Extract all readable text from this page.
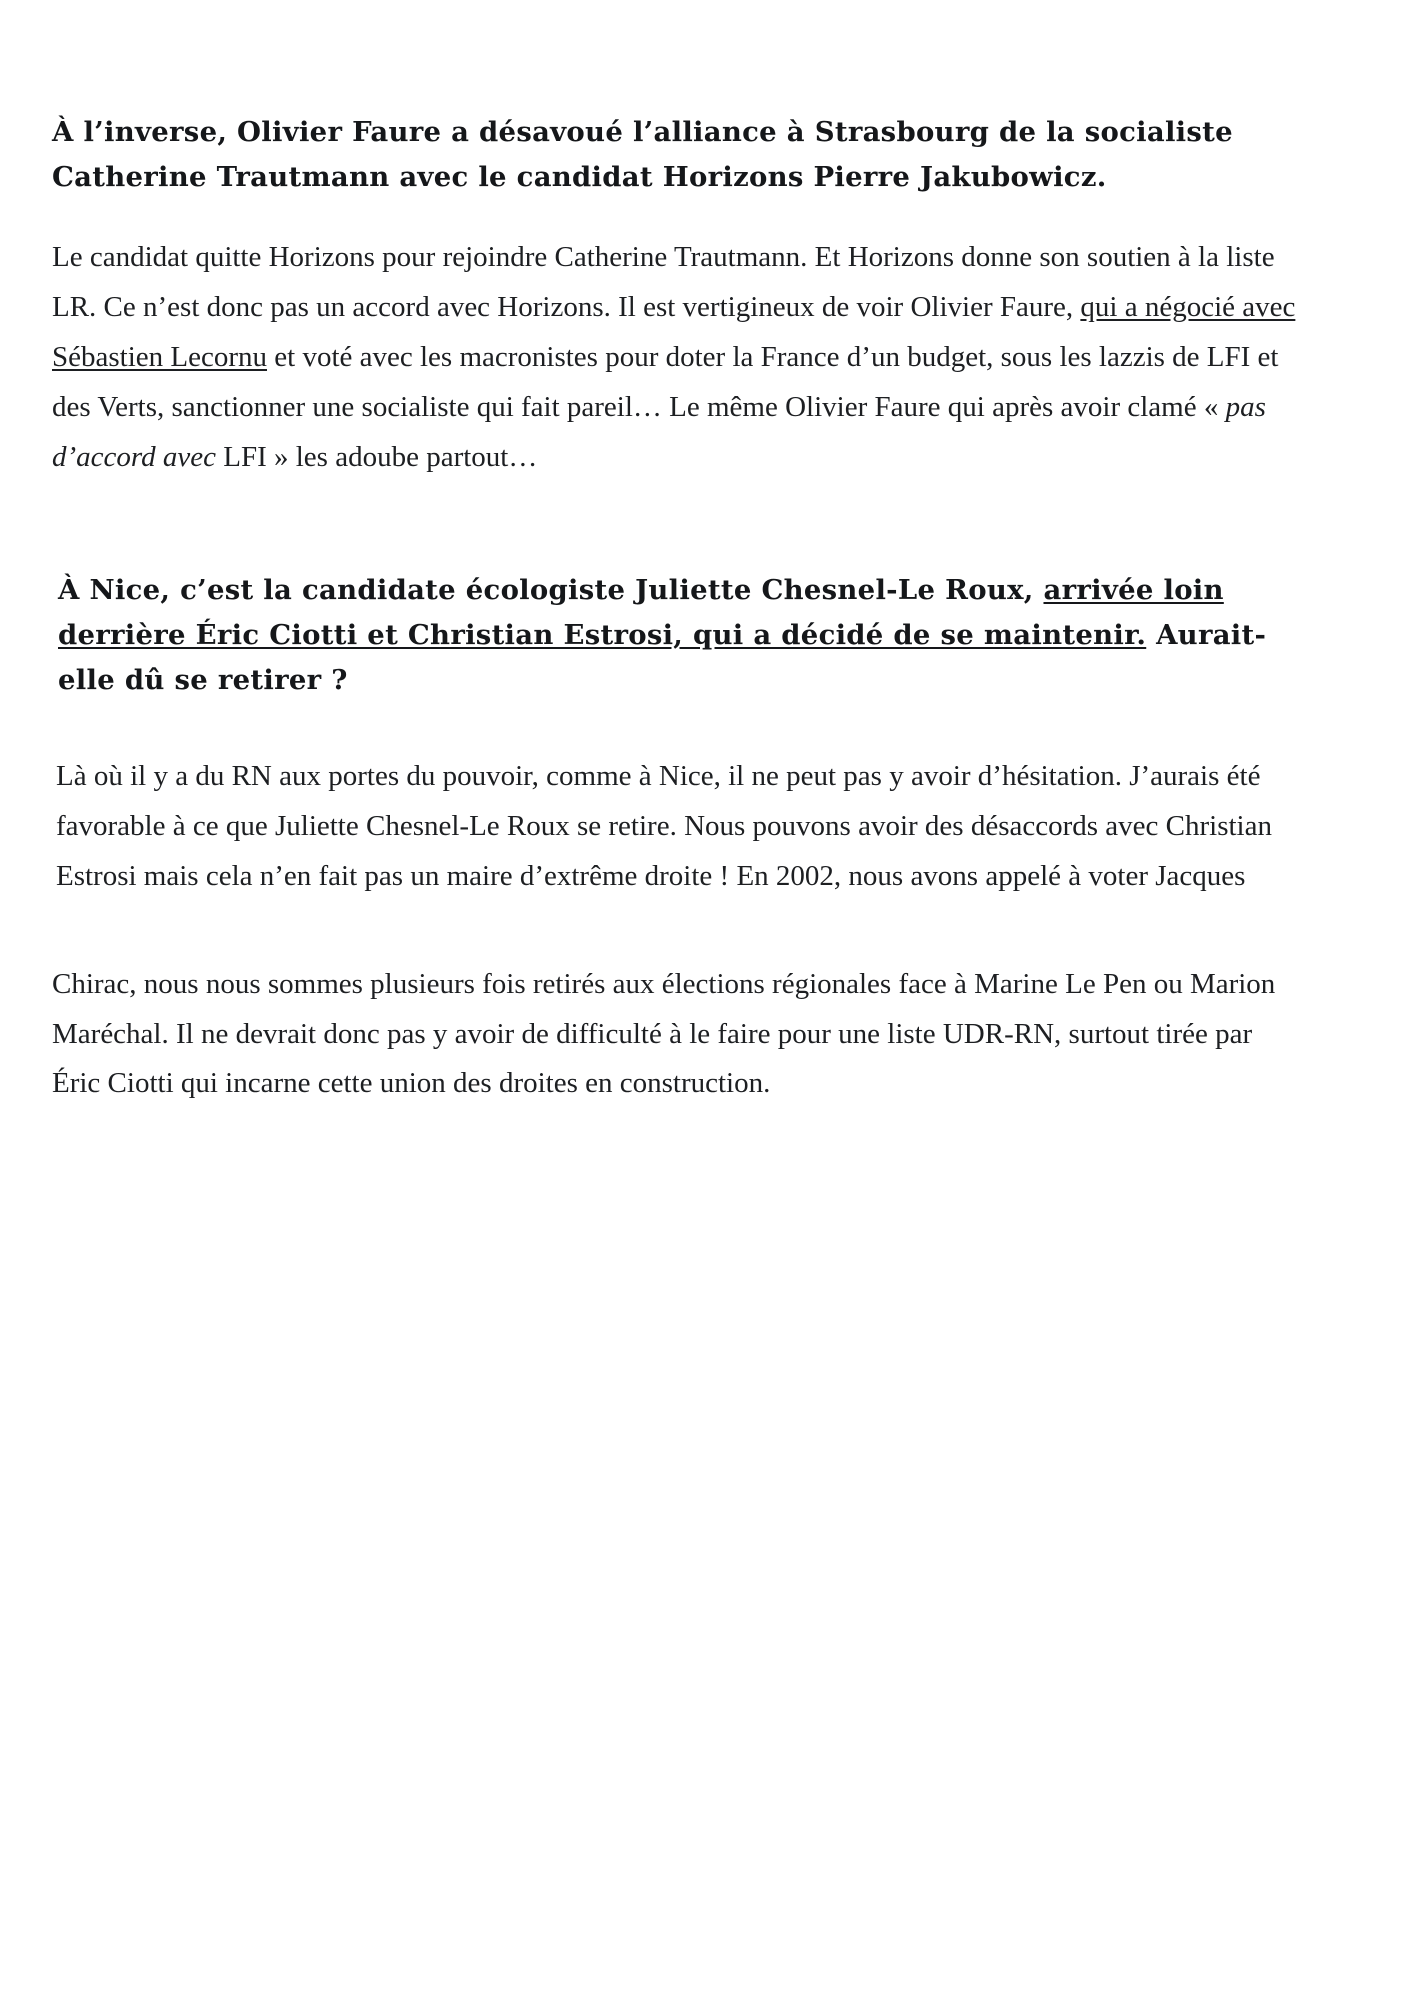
À l’inverse, Olivier Faure a désavoué l’alliance à Strasbourg de la socialiste Catherine Trautmann avec le candidat Horizons Pierre Jakubowicz.

Le candidat quitte Horizons pour rejoindre Catherine Trautmann. Et Horizons donne son soutien à la liste LR. Ce n’est donc pas un accord avec Horizons. Il est vertigineux de voir Olivier Faure, qui a négocié avec Sébastien Lecornu et voté avec les macronistes pour doter la France d’un budget, sous les lazzis de LFI et des Verts, sanctionner une socialiste qui fait pareil… Le même Olivier Faure qui après avoir clamé « pas d’accord avec LFI » les adoube partout…

À Nice, c’est la candidate écologiste Juliette Chesnel-Le Roux, arrivée loin derrière Éric Ciotti et Christian Estrosi, qui a décidé de se maintenir. Aurait-elle dû se retirer ?

Là où il y a du RN aux portes du pouvoir, comme à Nice, il ne peut pas y avoir d’hésitation. J’aurais été favorable à ce que Juliette Chesnel-Le Roux se retire. Nous pouvons avoir des désaccords avec Christian Estrosi mais cela n’en fait pas un maire d’extrême droite ! En 2002, nous avons appelé à voter Jacques

Chirac, nous nous sommes plusieurs fois retirés aux élections régionales face à Marine Le Pen ou Marion Maréchal. Il ne devrait donc pas y avoir de difficulté à le faire pour une liste UDR-RN, surtout tirée par Éric Ciotti qui incarne cette union des droites en construction.
